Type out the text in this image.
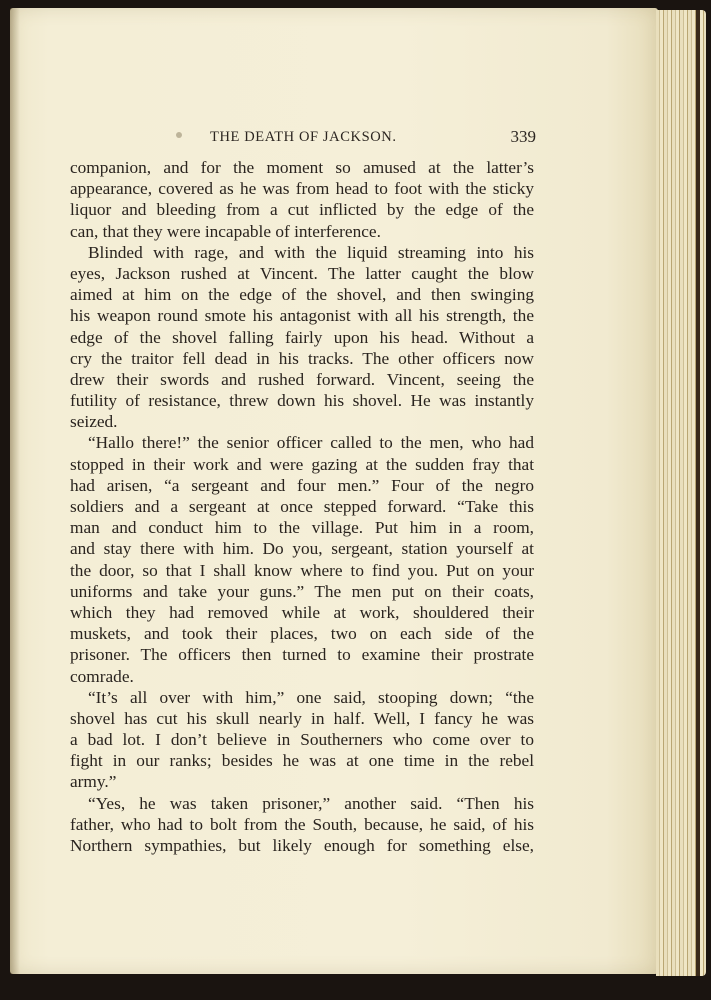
THE DEATH OF JACKSON.	339
companion, and for the moment so amused at the latter’s
appearance, covered as he was from head to foot with the sticky
liquor and bleeding from a cut inflicted by the edge of the
can, that they were incapable of interference.
Blinded with rage, and with the liquid streaming into his
eyes, Jackson rushed at Vincent. The latter caught the blow
aimed at him on the edge of the shovel, and then swinging
his weapon round smote his antagonist with all his strength, the
edge of the shovel falling fairly upon his head. Without a
cry the traitor fell dead in his tracks. The other officers now
drew their swords and rushed forward. Vincent, seeing the
futility of resistance, threw down his shovel. He was instantly
seized.
“Hallo there!” the senior officer called to the men, who had
stopped in their work and were gazing at the sudden fray that
had arisen, “a sergeant and four men.” Four of the negro
soldiers and a sergeant at once stepped forward. “Take this
man and conduct him to the village. Put him in a room,
and stay there with him. Do you, sergeant, station yourself at
the door, so that I shall know where to find you. Put on your
uniforms and take your guns.” The men put on their coats,
which they had removed while at work, shouldered their
muskets, and took their places, two on each side of the
prisoner. The officers then turned to examine their prostrate
comrade.
“It’s all over with him,” one said, stooping down; “the
shovel has cut his skull nearly in half. Well, I fancy he was
a bad lot. I don’t believe in Southerners who come over to
fight in our ranks; besides he was at one time in the rebel
army.”
“Yes, he was taken prisoner,” another said. “Then his
father, who had to bolt from the South, because, he said, of his
Northern sympathies, but likely enough for something else,
